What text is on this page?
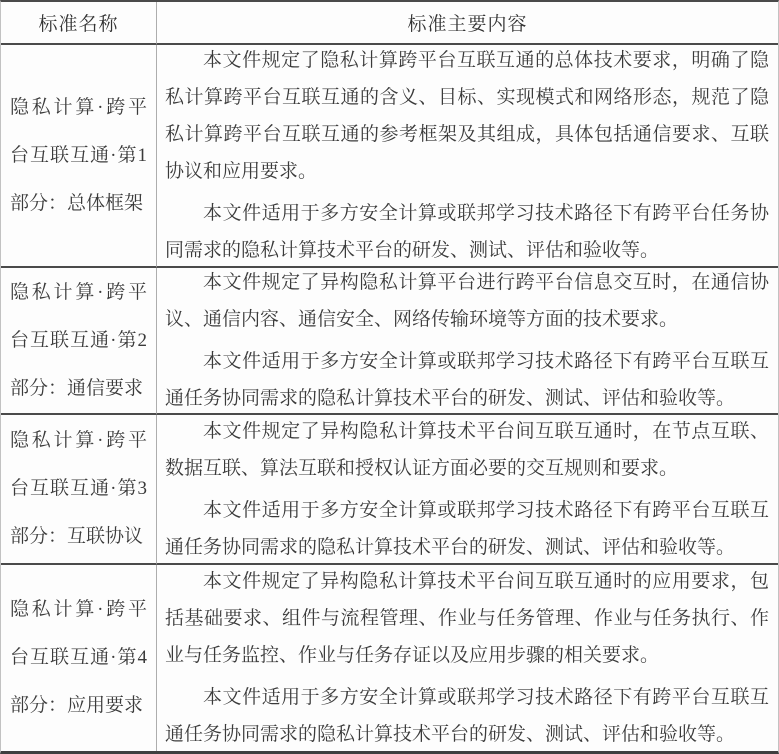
标准名称	标准主要内容
隐私计算·跨平台互联互通·第1部分：总体框架

本文件规定了隐私计算跨平台互联互通的总体技术要求，明确了隐私计算跨平台互联互通的含义、目标、实现模式和网络形态，规范了隐私计算跨平台互联互通的参考框架及其组成，具体包括通信要求、互联协议和应用要求。

本文件适用于多方安全计算或联邦学习技术路径下有跨平台任务协同需求的隐私计算技术平台的研发、测试、评估和验收等。

隐私计算·跨平台互联互通·第2部分：通信要求

本文件规定了异构隐私计算平台进行跨平台信息交互时，在通信协议、通信内容、通信安全、网络传输环境等方面的技术要求。

本文件适用于多方安全计算或联邦学习技术路径下有跨平台互联互通任务协同需求的隐私计算技术平台的研发、测试、评估和验收等。

隐私计算·跨平台互联互通·第3部分：互联协议

本文件规定了异构隐私计算技术平台间互联互通时，在节点互联、数据互联、算法互联和授权认证方面必要的交互规则和要求。

本文件适用于多方安全计算或联邦学习技术路径下有跨平台互联互通任务协同需求的隐私计算技术平台的研发、测试、评估和验收等。

隐私计算·跨平台互联互通·第4部分：应用要求

本文件规定了异构隐私计算技术平台间互联互通时的应用要求，包括基础要求、组件与流程管理、作业与任务管理、作业与任务执行、作业与任务监控、作业与任务存证以及应用步骤的相关要求。

本文件适用于多方安全计算或联邦学习技术路径下有跨平台互联互通任务协同需求的隐私计算技术平台的研发、测试、评估和验收等。
